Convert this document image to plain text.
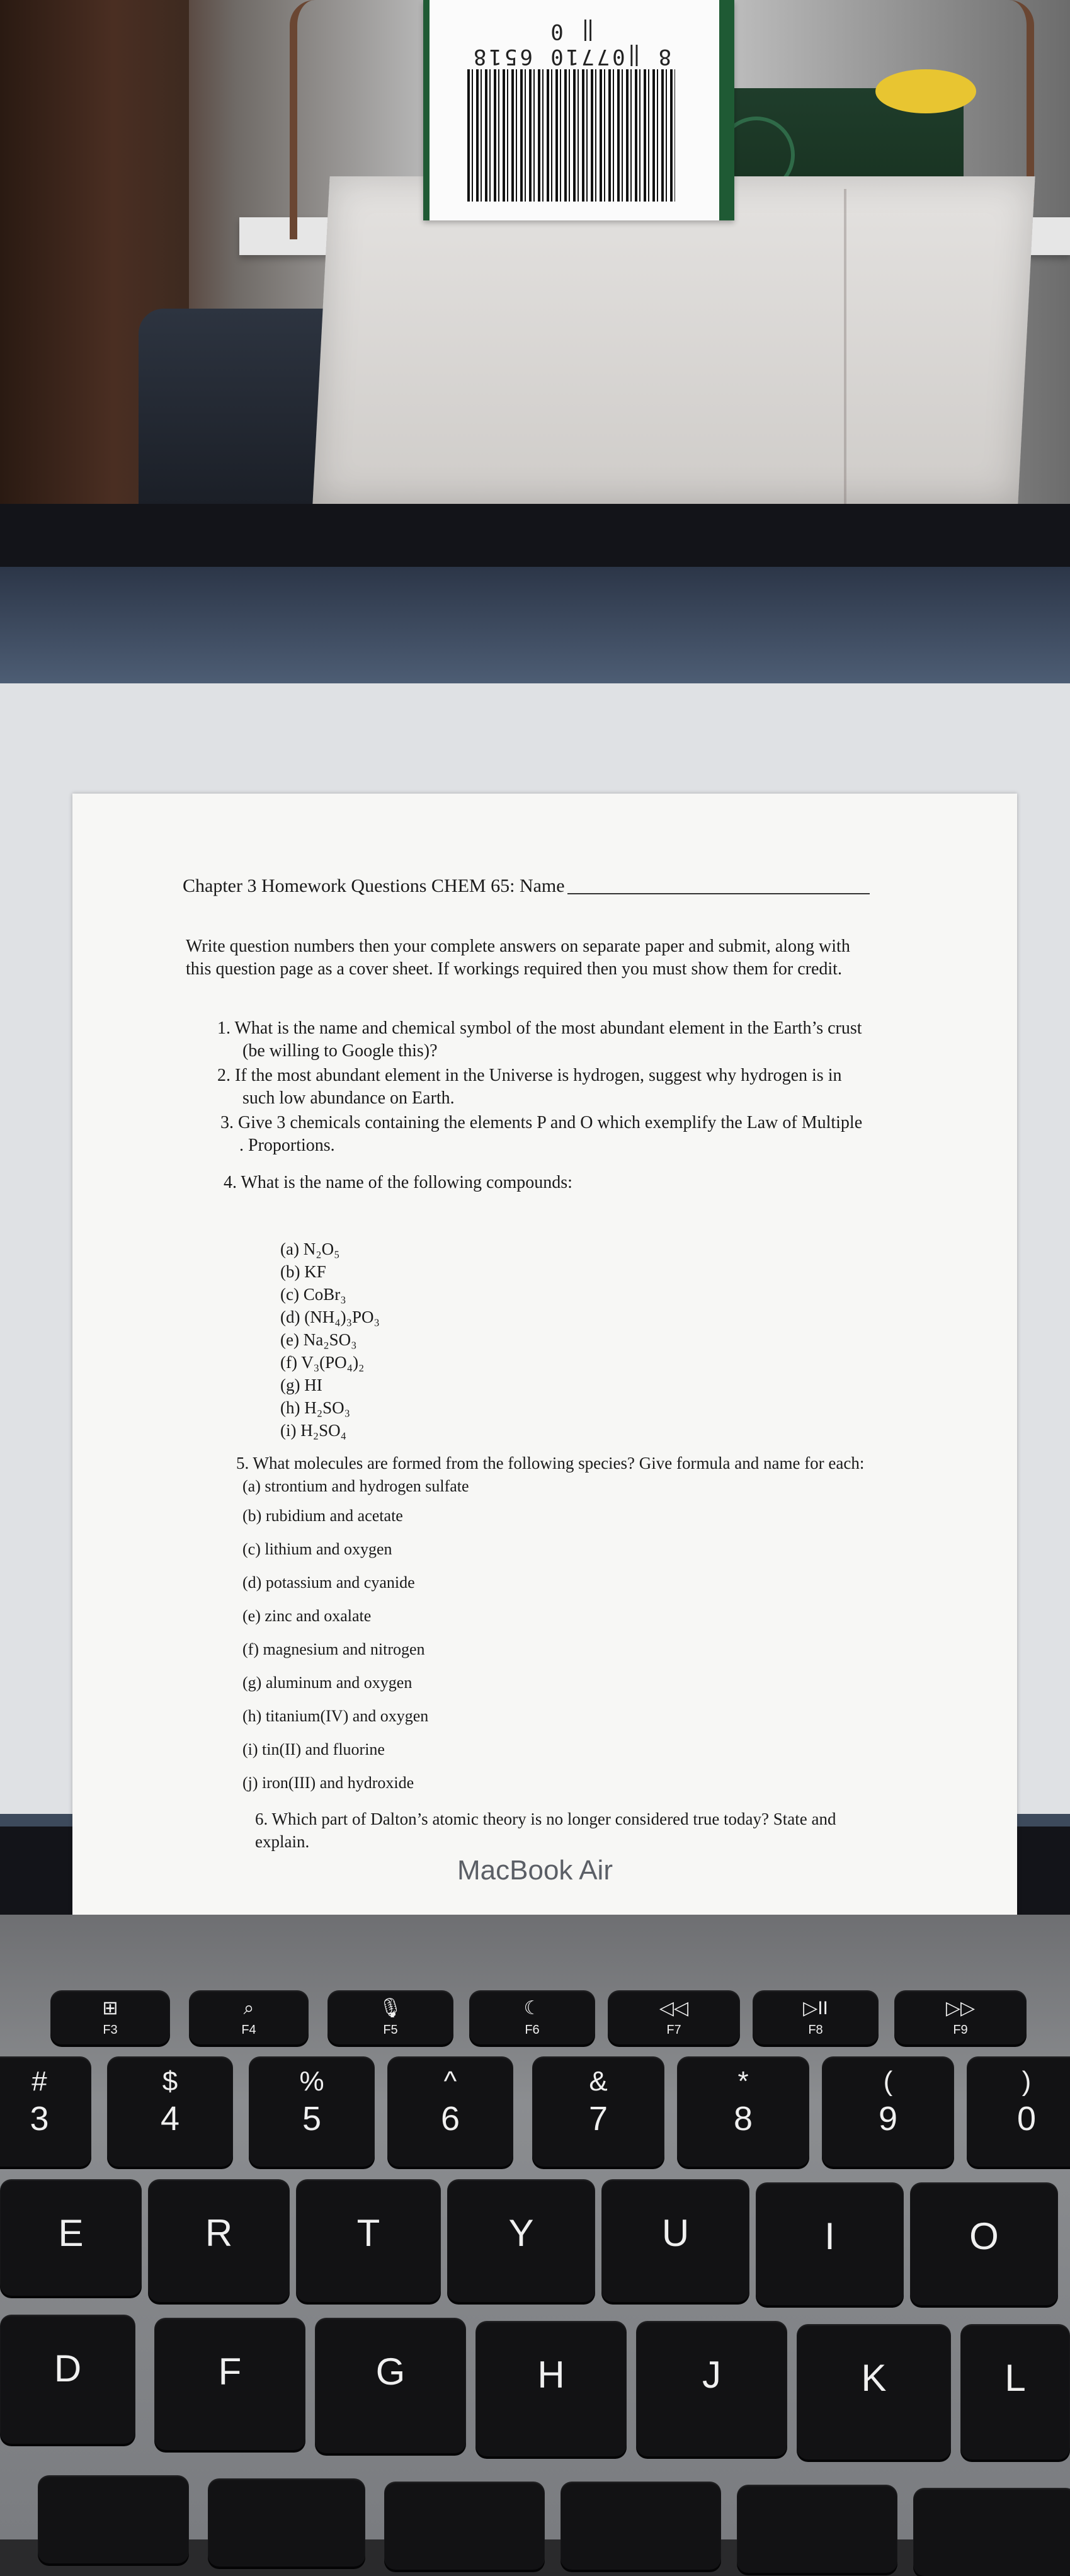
8 ‖07710 6518 ‖ 0
Chapter 3 Homework Questions CHEM 65: Name
Write question numbers then your complete answers on separate paper and submit, along with
this question page as a cover sheet. If workings required then you must show them for credit.
1. What is the name and chemical symbol of the most abundant element in the Earth’s crust
(be willing to Google this)?
2. If the most abundant element in the Universe is hydrogen, suggest why hydrogen is in
such low abundance on Earth.
3. Give 3 chemicals containing the elements P and O which exemplify the Law of Multiple
. Proportions.
4. What is the name of the following compounds:
(a) N₂O₅
(b) KF
(c) CoBr₃
(d) (NH₄)₃PO₃
(e) Na₂SO₃
(f) V₃(PO₄)₂
(g) HI
(h) H₂SO₃
(i) H₂SO₄
5. What molecules are formed from the following species? Give formula and name for each:
(a) strontium and hydrogen sulfate
(b) rubidium and acetate
(c) lithium and oxygen
(d) potassium and cyanide
(e) zinc and oxalate
(f) magnesium and nitrogen
(g) aluminum and oxygen
(h) titanium(IV) and oxygen
(i) tin(II) and fluorine
(j) iron(III) and hydroxide
6. Which part of Dalton’s atomic theory is no longer considered true today? State and
explain.
MacBook Air
⊞
F3
⌕
F4
🎙
F5
☾
F6
◁◁
F7
▷II
F8
▷▷
F9
#
3
$
4
%
5
^
6
&
7
*
8
(
9
)
0
E	R	T	Y	U	I	O
D	F	G	H	J	K	L
